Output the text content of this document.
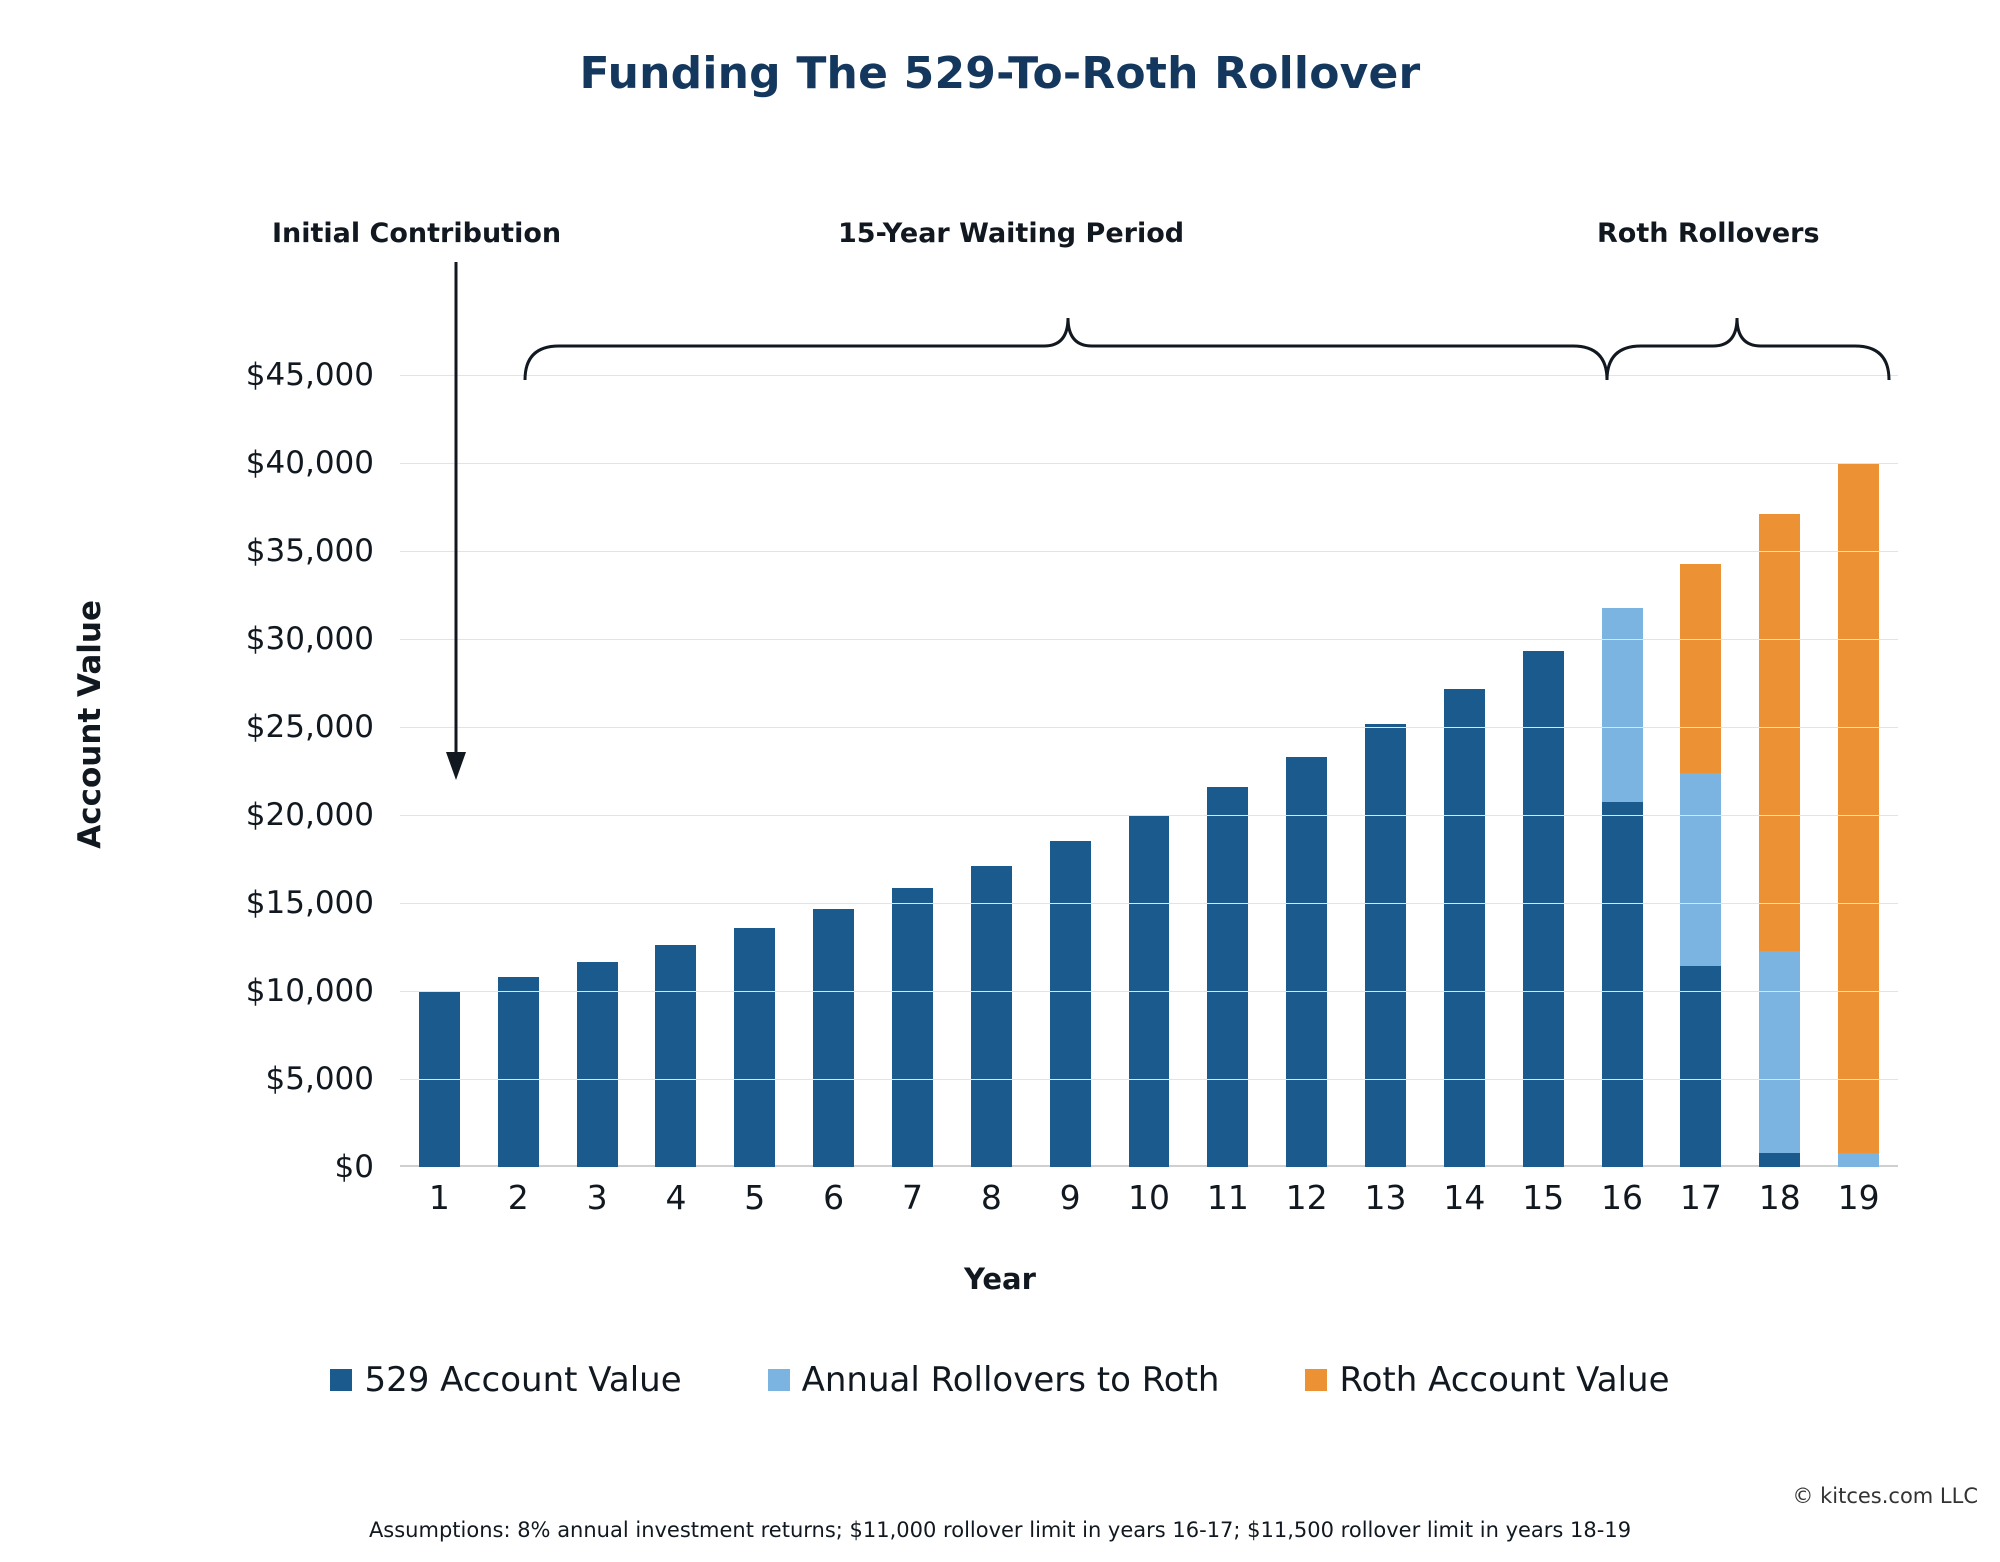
Funding The 529-To-Roth Rollover
Initial Contribution	15-Year Waiting Period	Roth Rollovers
Account Value
Year
$0
$5,000
$10,000
$15,000
$20,000
$25,000
$30,000
$35,000
$40,000
$45,000
1 2 3 4 5 6 7 8 9 10 11 12 13 14 15 16 17 18 19
529 Account Value	Annual Rollovers to Roth	Roth Account Value
© kitces.com LLC
Assumptions: 8% annual investment returns; $11,000 rollover limit in years 16-17; $11,500 rollover limit in years 18-19
